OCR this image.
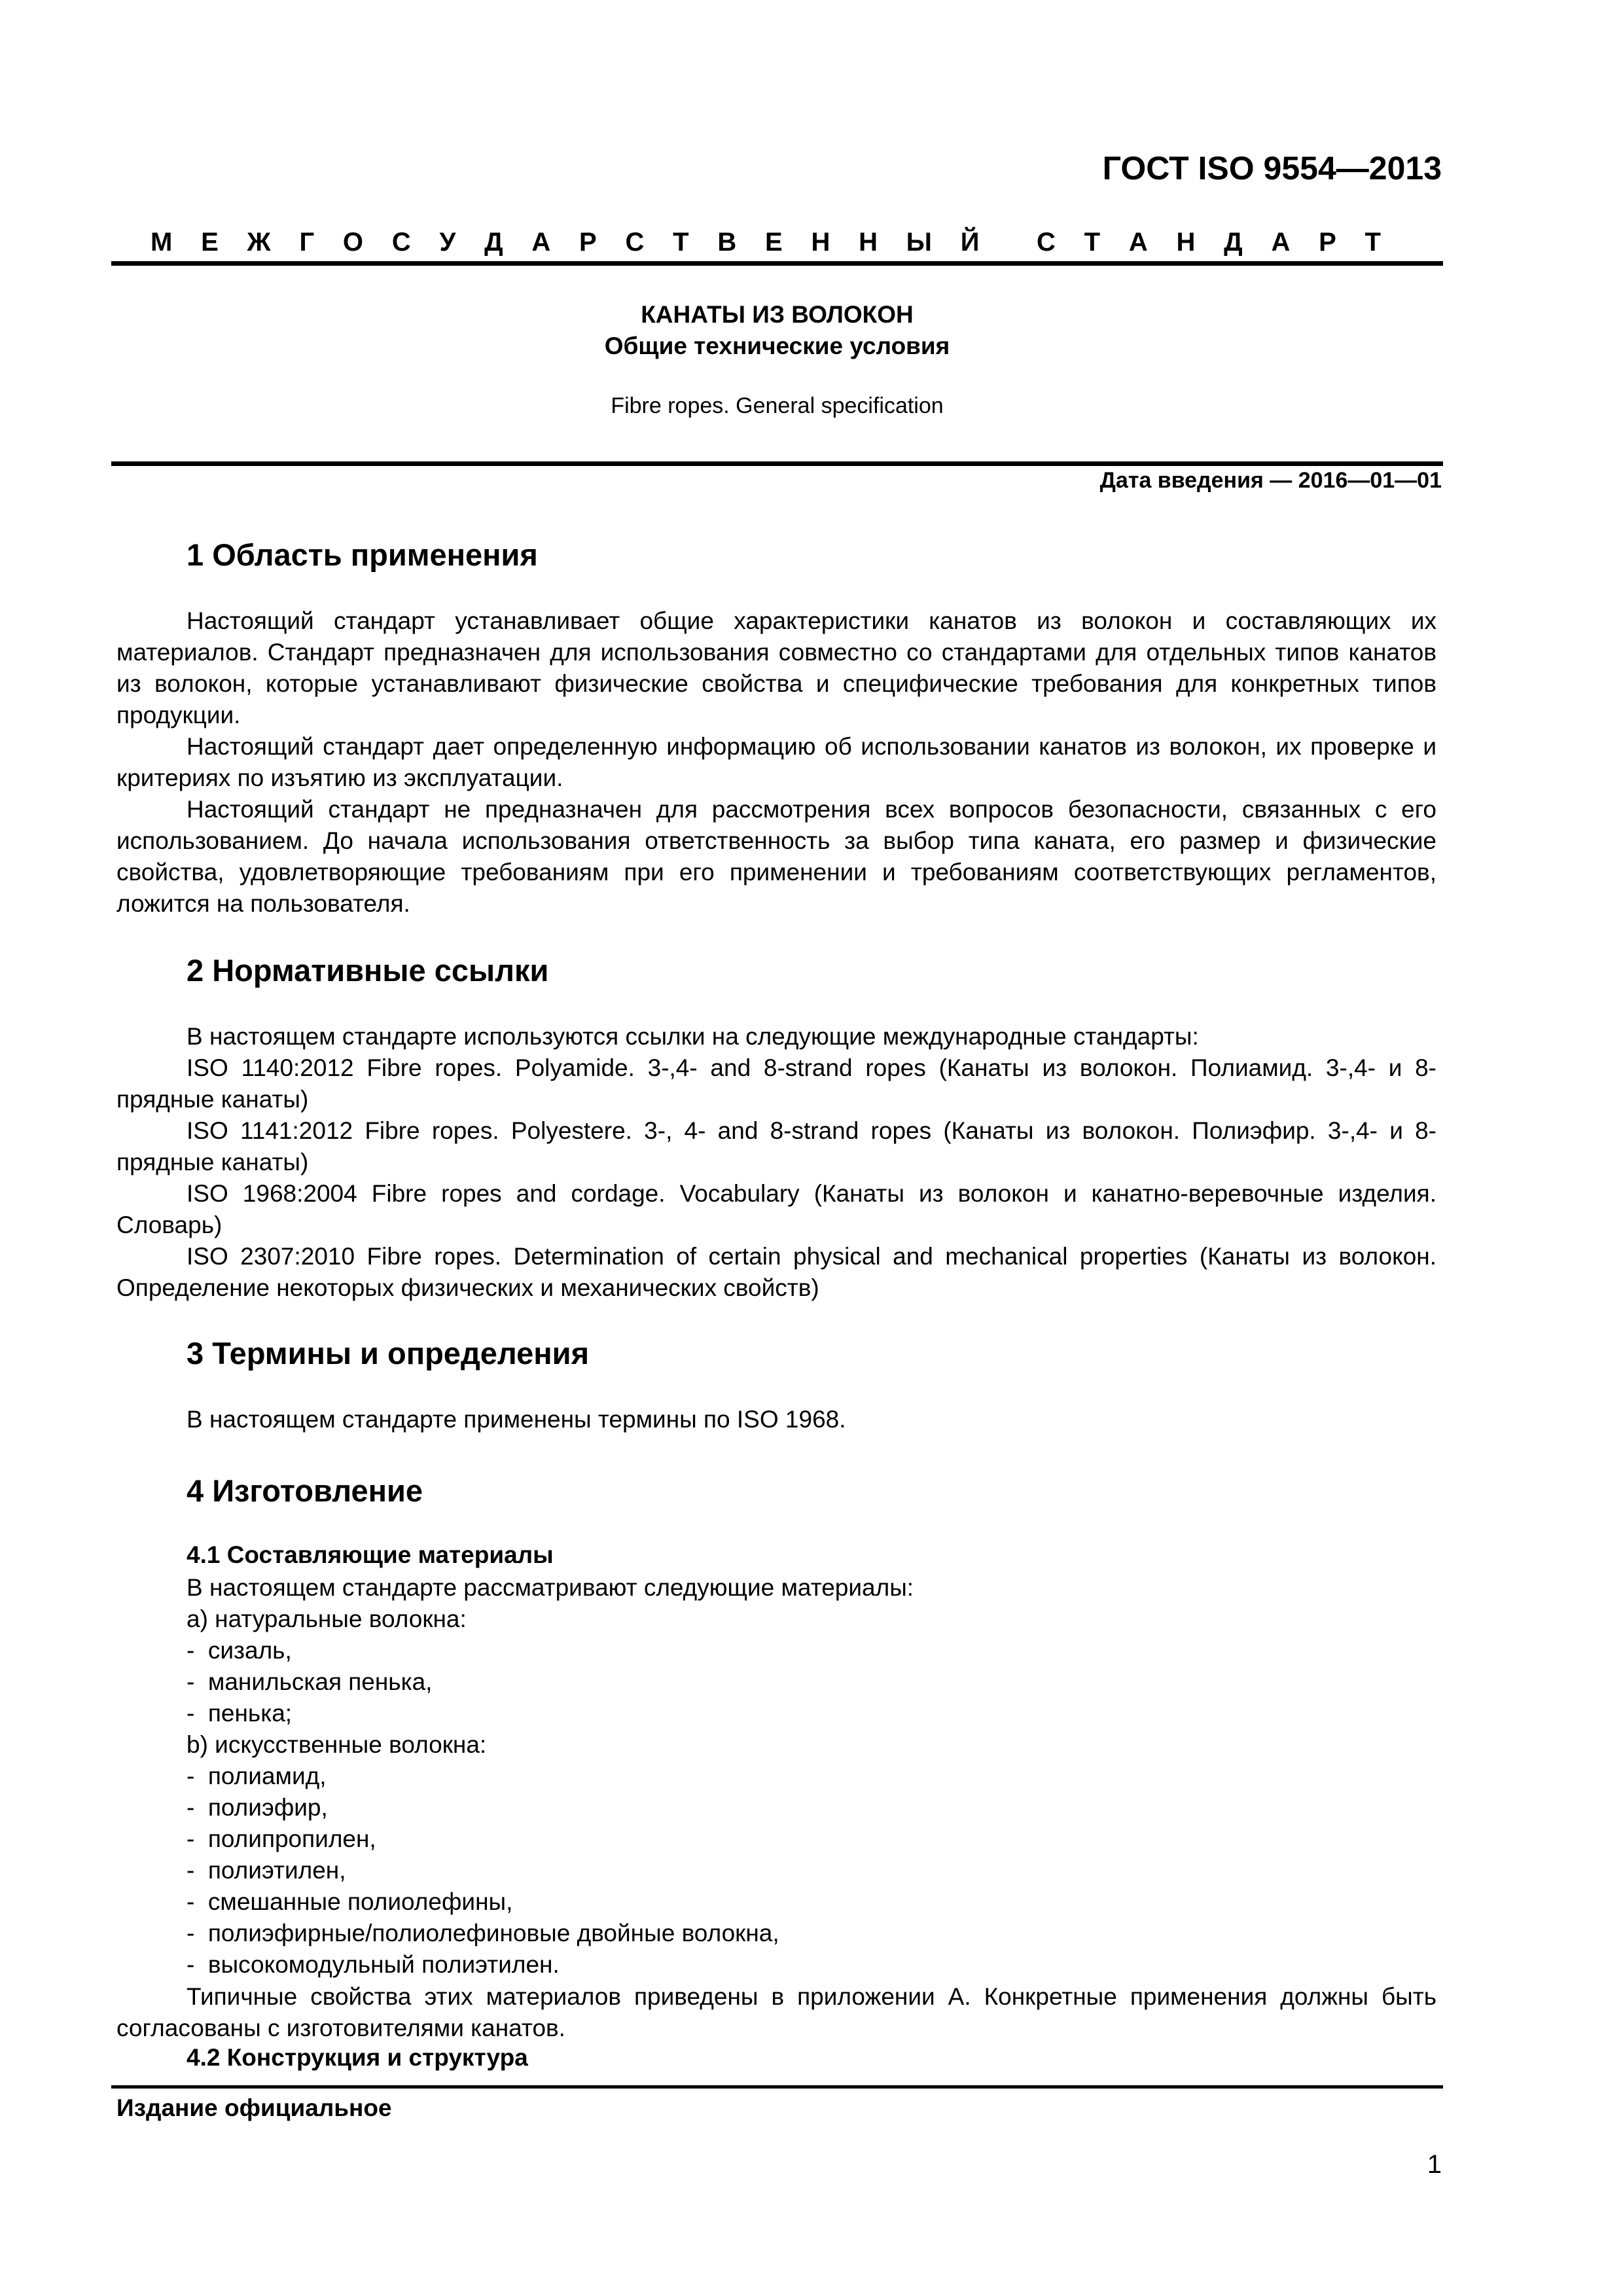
ГОСТ ISO 9554—2013
М Е Ж Г О С У Д А Р С Т В Е Н Н Ы Й С Т А Н Д А Р Т
КАНАТЫ ИЗ ВОЛОКОН
Общие технические условия
Fibre ropes. General specification
Дата введения — 2016—01—01
1 Область применения

Настоящий стандарт устанавливает общие характеристики канатов из волокон и составляющих их материалов. Стандарт предназначен для использования совместно со стандартами для отдельных типов канатов из волокон, которые устанавливают физические свойства и специфические требования для конкретных типов продукции.

Настоящий стандарт дает определенную информацию об использовании канатов из волокон, их проверке и критериях по изъятию из эксплуатации.

Настоящий стандарт не предназначен для рассмотрения всех вопросов безопасности, связанных с его использованием. До начала использования ответственность за выбор типа каната, его размер и физические свойства, удовлетворяющие требованиям при его применении и требованиям соответствующих регламентов, ложится на пользователя.

2 Нормативные ссылки

В настоящем стандарте используются ссылки на следующие международные стандарты:

ISO 1140:2012 Fibre ropes. Polyamide. 3-,4- and 8-strand ropes (Канаты из волокон. Полиамид. 3-,4- и 8-прядные канаты)

ISO 1141:2012 Fibre ropes. Polyestere. 3-, 4- and 8-strand ropes (Канаты из волокон. Полиэфир. 3-,4- и 8-прядные канаты)

ISO 1968:2004 Fibre ropes and cordage. Vocabulary (Канаты из волокон и канатно-веревочные изделия. Словарь)

ISO 2307:2010 Fibre ropes. Determination of certain physical and mechanical properties (Канаты из волокон. Определение некоторых физических и механических свойств)

3 Термины и определения

В настоящем стандарте применены термины по ISO 1968.

4 Изготовление
4.1 Составляющие материалы
В настоящем стандарте рассматривают следующие материалы:
а) натуральные волокна:
-  сизаль,
-  манильская пенька,
-  пенька;
b) искусственные волокна:
-  полиамид,
-  полиэфир,
-  полипропилен,
-  полиэтилен,
-  смешанные полиолефины,
-  полиэфирные/полиолефиновые двойные волокна,
-  высокомодульный полиэтилен.

Типичные свойства этих материалов приведены в приложении А. Конкретные применения должны быть согласованы с изготовителями канатов.

4.2 Конструкция и структура
Издание официальное
1
